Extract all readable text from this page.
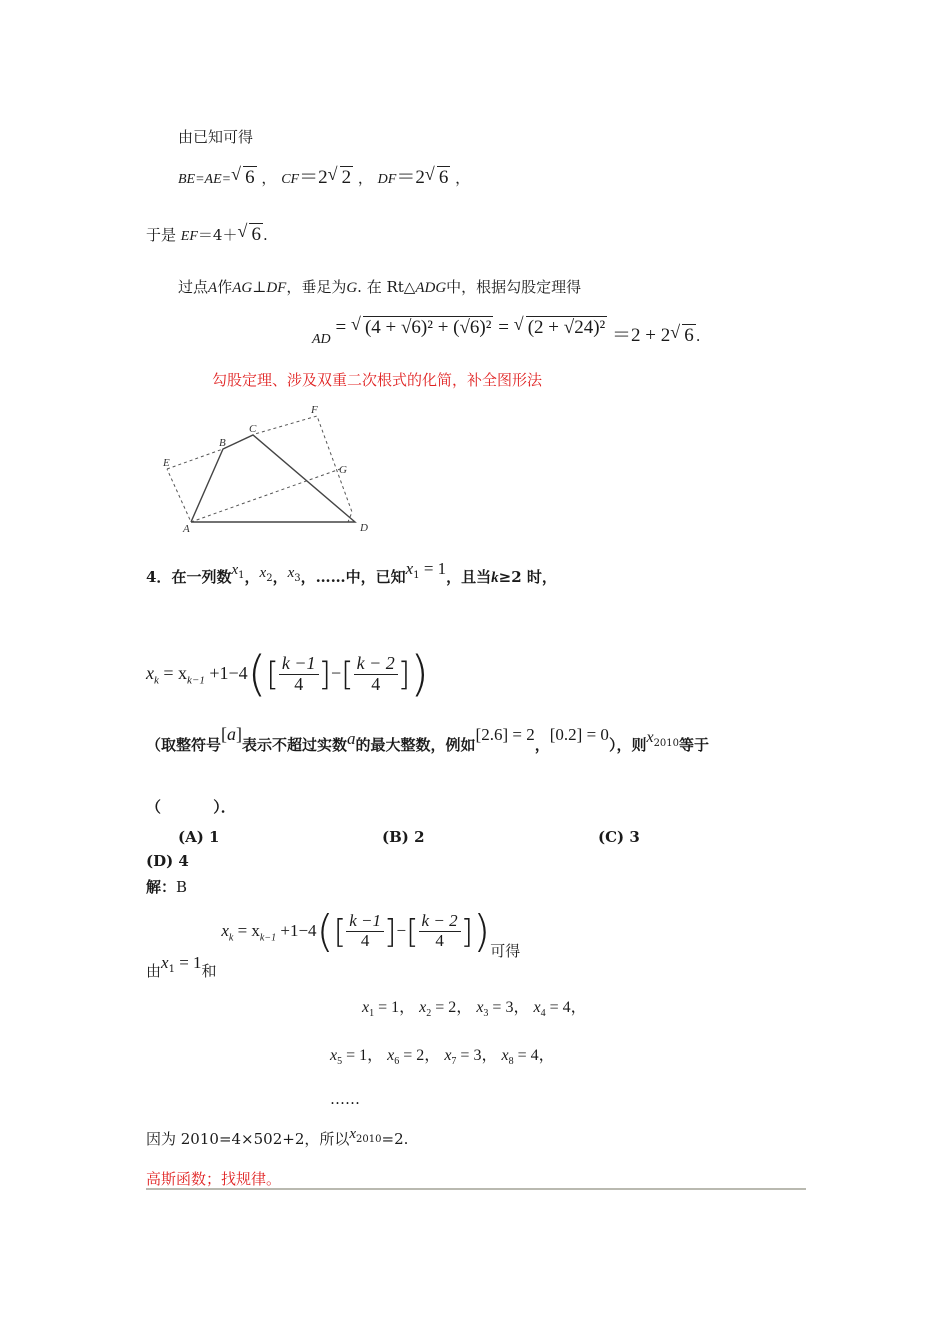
由已知可得
BE=AE= √ 6 ， CF＝2 √ 2 ， DF＝2 √ 6 ，
于是 EF＝4＋ √ 6 .
过点A作AG⊥DF，垂足为G. 在 Rt△ADG中，根据勾股定理得
AD = √ (4 + √6)² + (√6)² = √ (2 + √24)² ＝2 + 2 √ 6 .
勾股定理、涉及双重二次根式的化简，补全图形法
A
B
C
D
E
F
G
4．在一列数$x_1$，$x_2$，$x_3$，……中，已知$x_1 = 1$，且当k≥2 时，
$x_k = x_{k-1} +1-4([ \frac{k -1}{4}$ ]−[ $\frac{k - 2}{4}$ ])
（取整符号[a]表示不超过实数a的最大整数，例如[2.6] = 2，[0.2] = 0），则$x_{2010}$等于
（          ）．
(A) 1	(B) 2	(C) 3
(D) 4
解：B
由$x_1 = 1$和 $x_k = x_{k-1} +1-4([ \frac{k -1}{4}$ ]−[ $\frac{k - 2}{4}$ ])可得
$x_1 = 1$， $x_2 = 2$， $x_3 = 3$， $x_4 = 4$，
$x_5 = 1$， $x_6 = 2$， $x_7 = 3$， $x_8 = 4$，
……
因为 2010=4×502+2，所以$x_{2010}=2$.
高斯函数；找规律。
